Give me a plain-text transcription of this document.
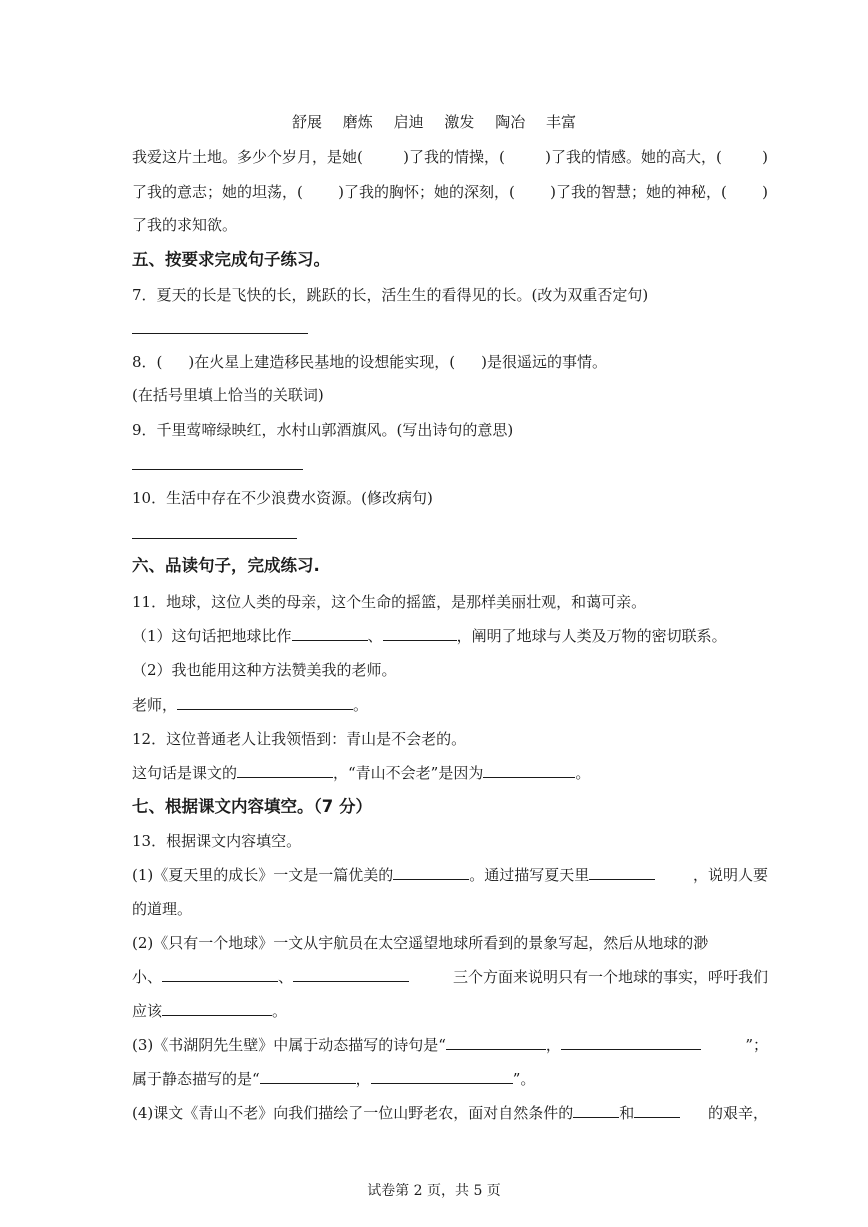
舒展 磨炼 启迪 激发 陶冶 丰富
我爱这片土地。多少个岁月，是她(	)了我的情操，(	)了我的情感。她的高大，(	)
了我的意志；她的坦荡，( )了我的胸怀；她的深刻，( )了我的智慧；她的神秘，( )
了我的求知欲。
五、按要求完成句子练习。
7．夏天的长是飞快的长，跳跃的长，活生生的看得见的长。(改为双重否定句)
8．( )在火星上建造移民基地的设想能实现，( )是很遥远的事情。
(在括号里填上恰当的关联词)
9．千里莺啼绿映红，水村山郭酒旗风。(写出诗句的意思)
10．生活中存在不少浪费水资源。(修改病句)
六、品读句子，完成练习.
11．地球，这位人类的母亲，这个生命的摇篮，是那样美丽壮观，和蔼可亲。
（1）这句话把地球比作	、	，阐明了地球与人类及万物的密切联系。
（2）我也能用这种方法赞美我的老师。
老师，	。
12．这位普通老人让我领悟到：青山是不会老的。
这句话是课文的	，“青山不会老”是因为	。
七、根据课文内容填空。（7 分）
13．根据课文内容填空。
(1)《夏天里的成长》一文是一篇优美的	。通过描写夏天里	，说明人要
的道理。
(2)《只有一个地球》一文从宇航员在太空遥望地球所看到的景象写起，然后从地球的渺
小、	、	三个方面来说明只有一个地球的事实，呼吁我们
应该	。
(3)《书湖阴先生壁》中属于动态描写的诗句是“	，	”；
属于静态描写的是“	，	”。
(4)课文《青山不老》向我们描绘了一位山野老农，面对自然条件的	和	的艰辛，
试卷第 2 页，共 5 页
